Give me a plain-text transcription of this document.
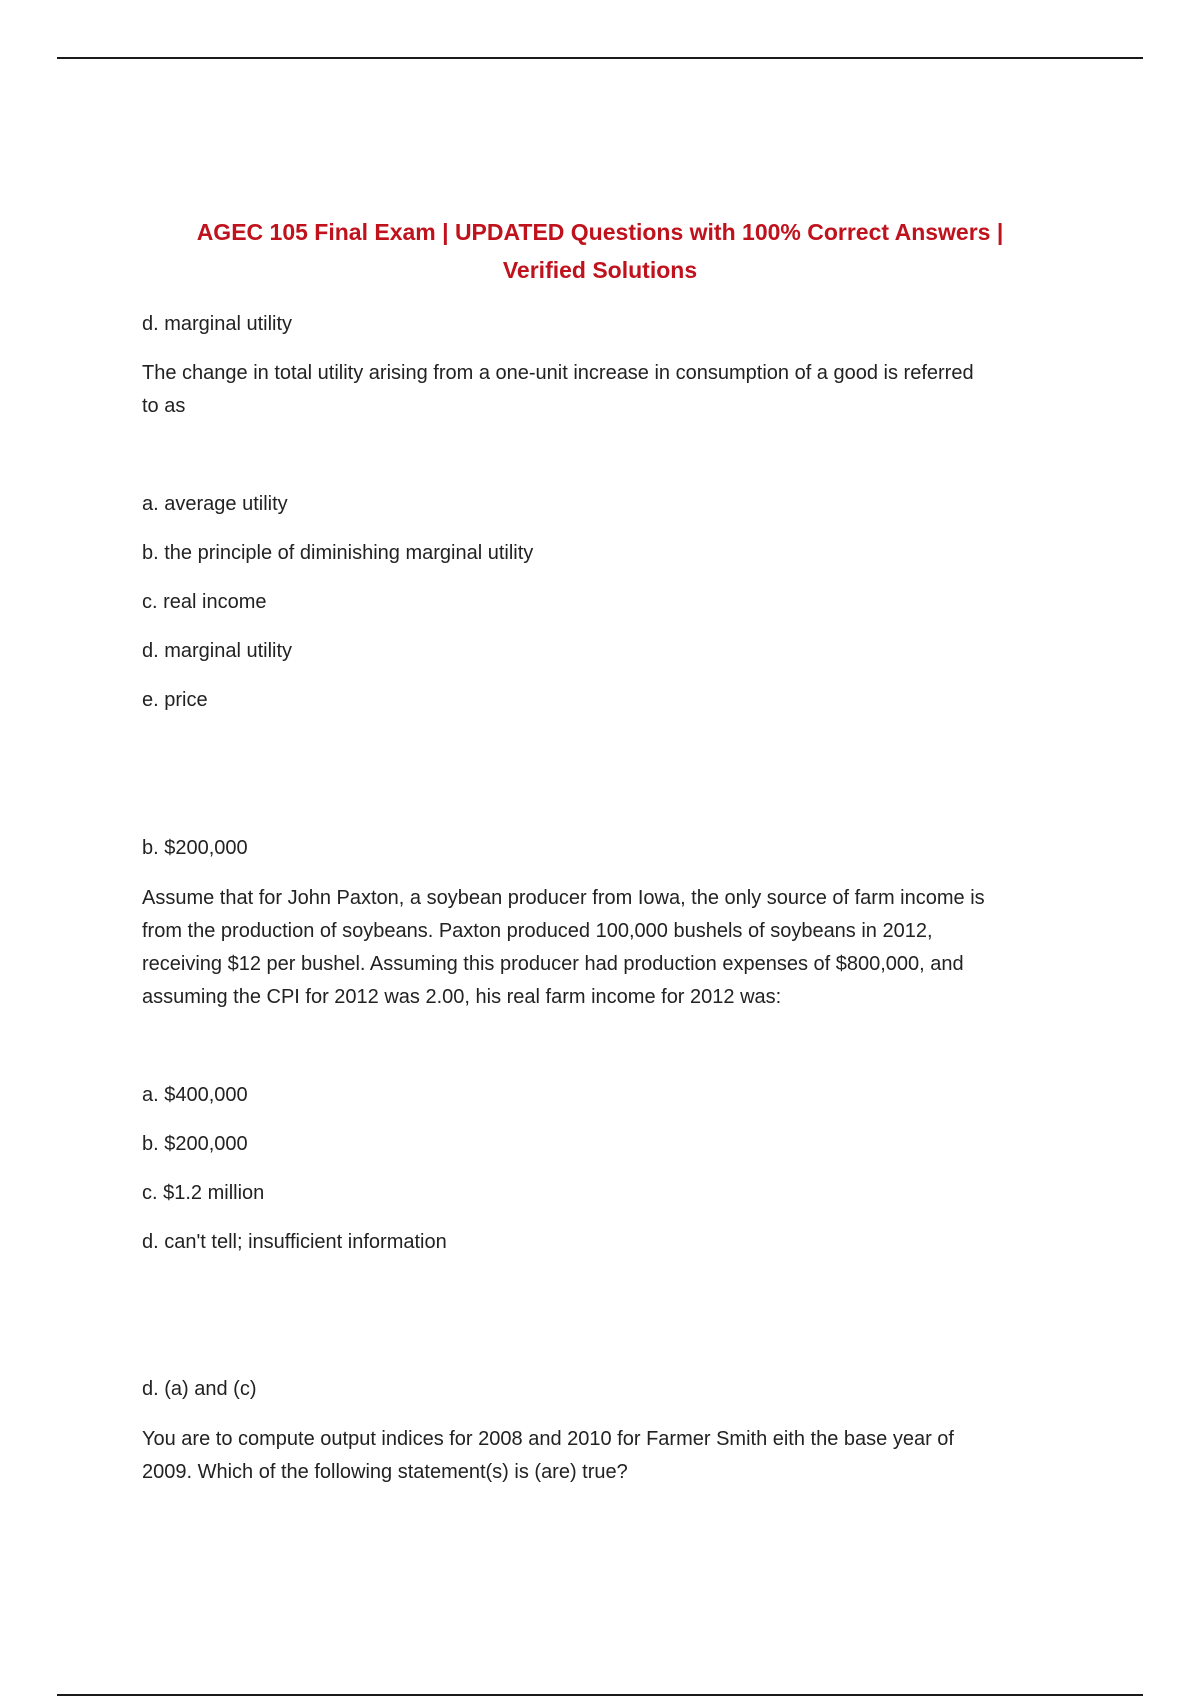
AGEC 105 Final Exam | UPDATED Questions with 100% Correct Answers |
Verified Solutions
d. marginal utility
The change in total utility arising from a one-unit increase in consumption of a good is referred
to as
a. average utility
b. the principle of diminishing marginal utility
c. real income
d. marginal utility
e. price
b. $200,000
Assume that for John Paxton, a soybean producer from Iowa, the only source of farm income is
from the production of soybeans. Paxton produced 100,000 bushels of soybeans in 2012,
receiving $12 per bushel. Assuming this producer had production expenses of $800,000, and
assuming the CPI for 2012 was 2.00, his real farm income for 2012 was:
a. $400,000
b. $200,000
c. $1.2 million
d. can't tell; insufficient information
d. (a) and (c)
You are to compute output indices for 2008 and 2010 for Farmer Smith eith the base year of
2009. Which of the following statement(s) is (are) true?
